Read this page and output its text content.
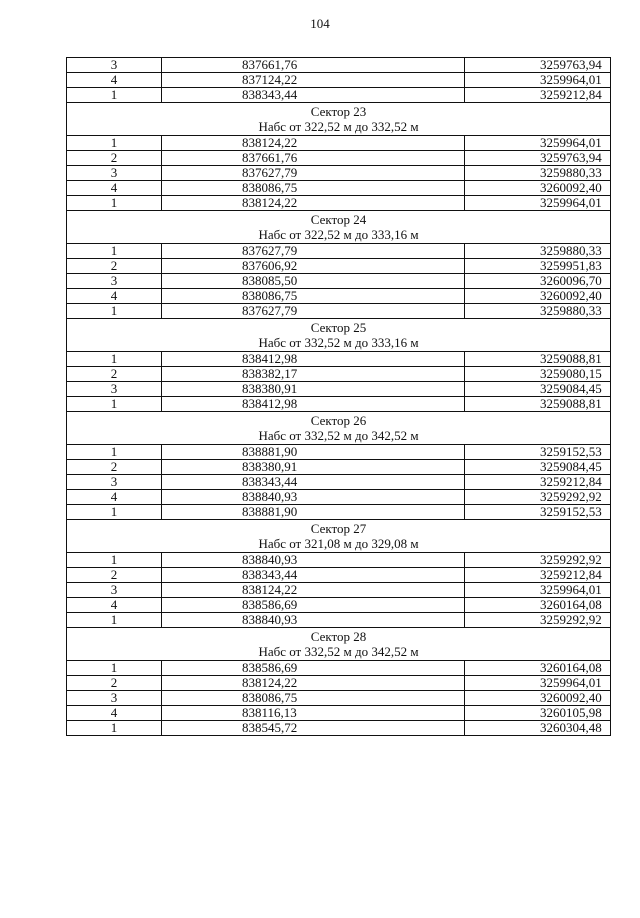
104
3	837661,76	3259763,94
4	837124,22	3259964,01
1	838343,44	3259212,84

Сектор 23
Набс от 322,52 м до 332,52 м		

1	838124,22	3259964,01
2	837661,76	3259763,94
3	837627,79	3259880,33
4	838086,75	3260092,40
1	838124,22	3259964,01

Сектор 24
Набс от 322,52 м до 333,16 м		

1	837627,79	3259880,33
2	837606,92	3259951,83
3	838085,50	3260096,70
4	838086,75	3260092,40
1	837627,79	3259880,33

Сектор 25
Набс от 332,52 м до 333,16 м		

1	838412,98	3259088,81
2	838382,17	3259080,15
3	838380,91	3259084,45
1	838412,98	3259088,81

Сектор 26
Набс от 332,52 м до 342,52 м		

1	838881,90	3259152,53
2	838380,91	3259084,45
3	838343,44	3259212,84
4	838840,93	3259292,92
1	838881,90	3259152,53

Сектор 27
Набс от 321,08 м до 329,08 м		

1	838840,93	3259292,92
2	838343,44	3259212,84
3	838124,22	3259964,01
4	838586,69	3260164,08
1	838840,93	3259292,92

Сектор 28
Набс от 332,52 м до 342,52 м		

1	838586,69	3260164,08
2	838124,22	3259964,01
3	838086,75	3260092,40
4	838116,13	3260105,98
1	838545,72	3260304,48
